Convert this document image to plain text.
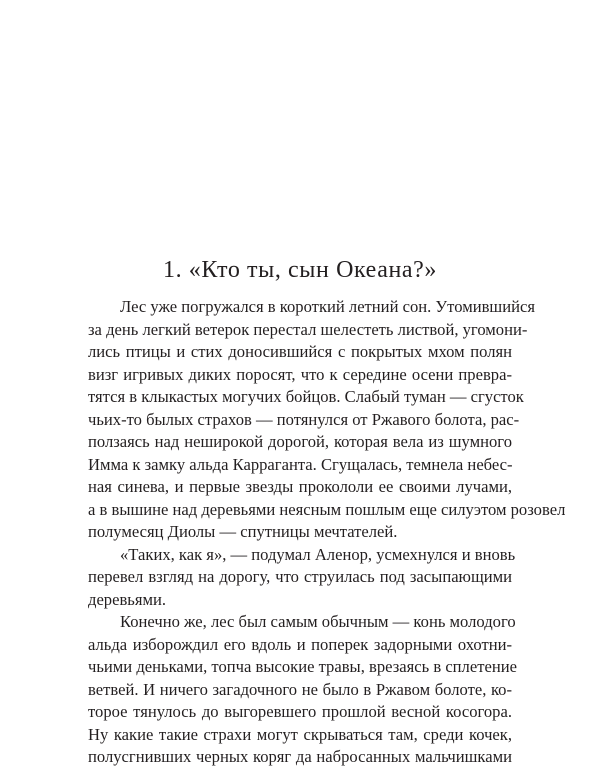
1. «Кто ты, сын Океана?»
Лес уже погружался в короткий летний сон. Утомившийся
за день легкий ветерок перестал шелестеть листвой, угомони-
лись птицы и стих доносившийся с покрытых мхом полян
визг игривых диких поросят, что к середине осени превра-
тятся в клыкастых могучих бойцов. Слабый туман — сгусток
чьих-то былых страхов — потянулся от Ржавого болота, рас-
ползаясь над неширокой дорогой, которая вела из шумного
Имма к замку альда Карраганта. Сгущалась, темнела небес-
ная синева, и первые звезды прокололи ее своими лучами,
а в вышине над деревьями неясным пошлым еще силуэтом розовел
полумесяц Диолы — спутницы мечтателей.
«Таких, как я», — подумал Аленор, усмехнулся и вновь
перевел взгляд на дорогу, что струилась под засыпающими
деревьями.
Конечно же, лес был самым обычным — конь молодого
альда изборождил его вдоль и поперек задорными охотни-
чьими деньками, топча высокие травы, врезаясь в сплетение
ветвей. И ничего загадочного не было в Ржавом болоте, ко-
торое тянулось до выгоревшего прошлой весной косогора.
Ну какие такие страхи могут скрываться там, среди кочек,
полусгнивших черных коряг да набросанных мальчишками
